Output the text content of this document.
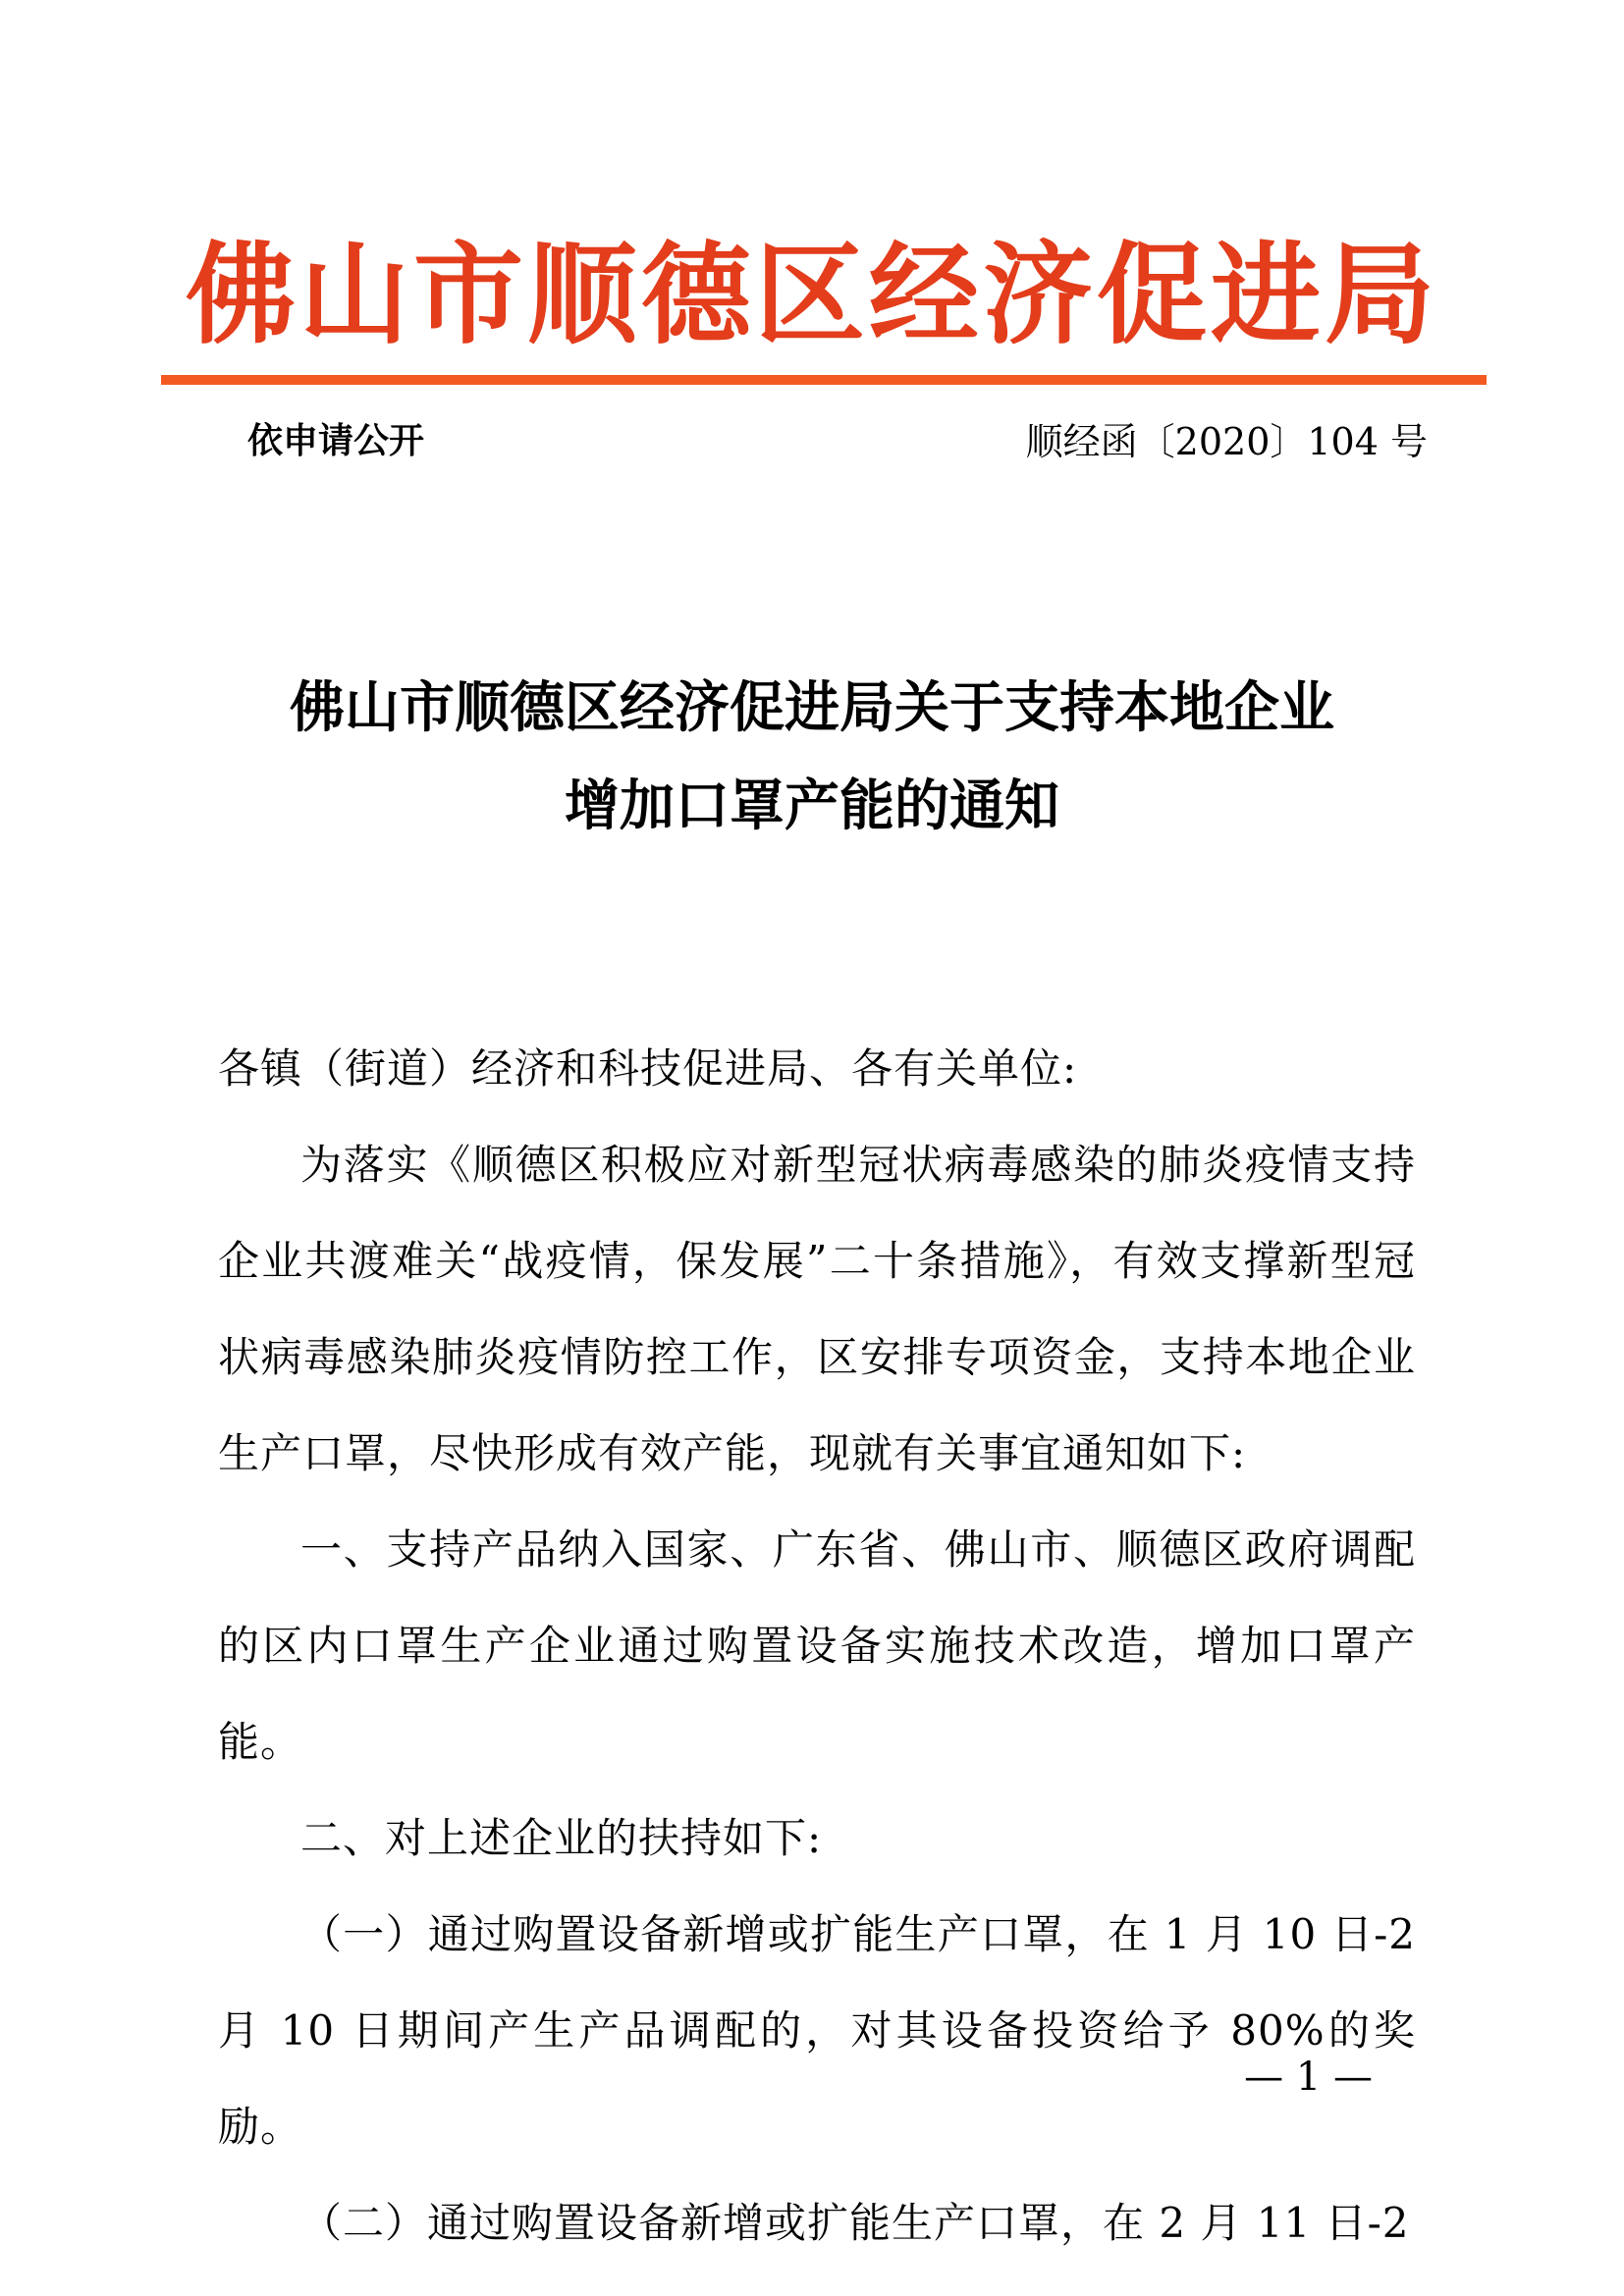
佛山市顺德区经济促进局
依申请公开	顺经函〔2020〕104 号
佛山市顺德区经济促进局关于支持本地企业
增加口罩产能的通知

各镇（街道）经济和科技促进局、各有关单位:

为落实《顺德区积极应对新型冠状病毒感染的肺炎疫情支持企业共渡难关“战疫情，保发展”二十条措施》，有效支撑新型冠状病毒感染肺炎疫情防控工作，区安排专项资金，支持本地企业生产口罩，尽快形成有效产能，现就有关事宜通知如下:

一、支持产品纳入国家、广东省、佛山市、顺德区政府调配的区内口罩生产企业通过购置设备实施技术改造，增加口罩产能。

二、对上述企业的扶持如下:

（一）通过购置设备新增或扩能生产口罩，在 1 月 10 日-2 月 10 日期间产生产品调配的，对其设备投资给予 80%的奖励。

（二）通过购置设备新增或扩能生产口罩，在 2 月 11 日-2

— 1 —
